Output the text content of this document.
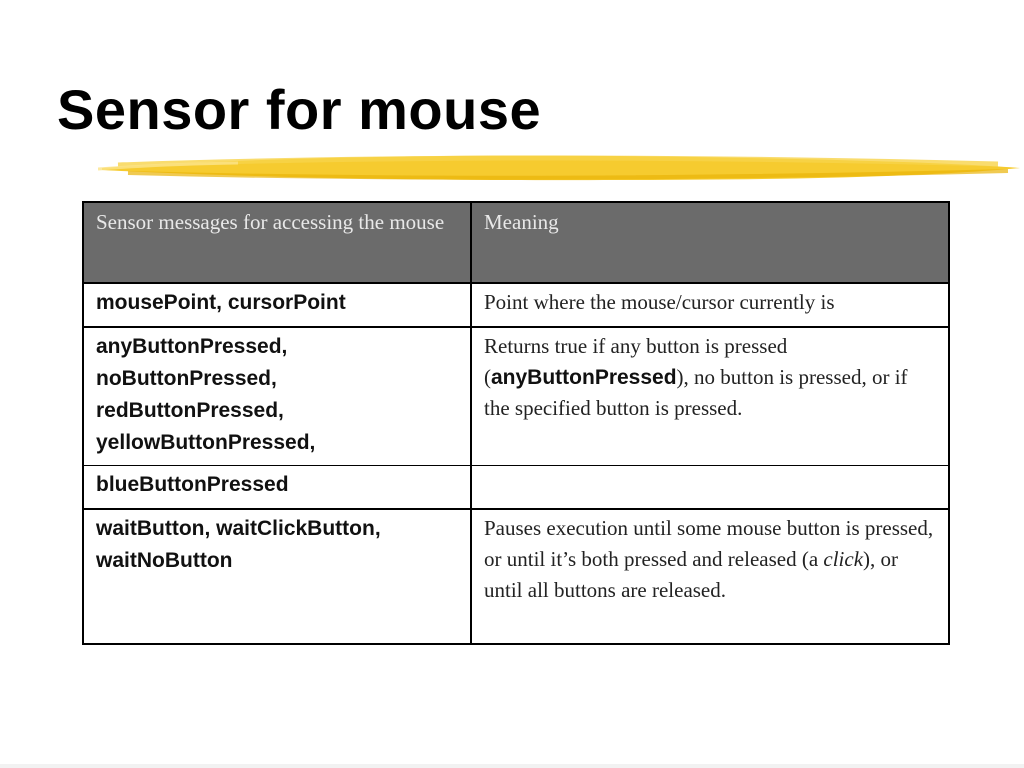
Sensor for mouse
Sensor messages for accessing the mouse	Meaning

mousePoint, cursorPoint	Point where the mouse/cursor currently is

anyButtonPressed,
noButtonPressed,
redButtonPressed,
yellowButtonPressed,	Returns true if any button is pressed (anyButtonPressed), no button is pressed, or if the specified button is pressed.

blueButtonPressed	

waitButton, waitClickButton,
waitNoButton	Pauses execution until some mouse button is pressed, or until it’s both pressed and released (a click), or until all buttons are released.
